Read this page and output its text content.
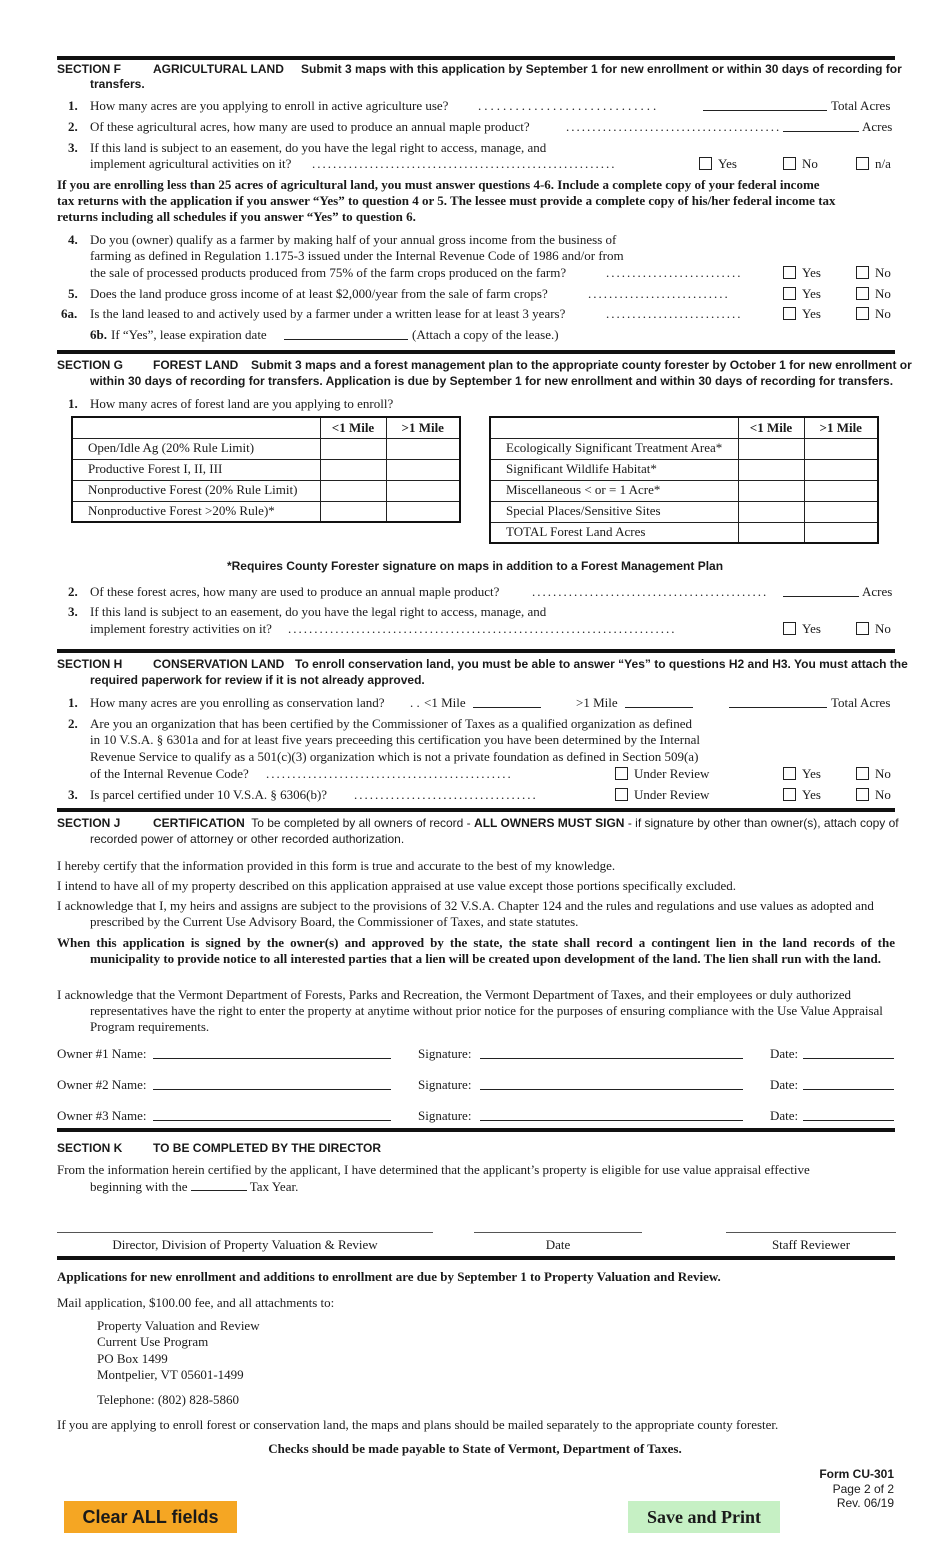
SECTION F	AGRICULTURAL LAND Submit 3 maps with this application by September 1 for new enrollment or within 30 days of recording for
transfers.
1. How many acres are you applying to enroll in active agriculture use? .............................	Total Acres
2. Of these agricultural acres, how many are used to produce an annual maple product?	.........................................	Acres
3. If this land is subject to an easement, do you have the legal right to access, manage, and
implement agricultural activities on it? ..........................................................	Yes	No	n/a
If you are enrolling less than 25 acres of agricultural land, you must answer questions 4-6. Include a complete copy of your federal income
tax returns with the application if you answer “Yes” to question 4 or 5. The lessee must provide a complete copy of his/her federal income tax
returns including all schedules if you answer “Yes” to question 6.
4. Do you (owner) qualify as a farmer by making half of your annual gross income from the business of
farming as defined in Regulation 1.175-3 issued under the Internal Revenue Code of 1986 and/or from
the sale of processed products produced from 75% of the farm crops produced on the farm?	..........................	Yes	No
5. Does the land produce gross income of at least $2,000/year from the sale of farm crops?	...........................	Yes	No
6a. Is the land leased to and actively used by a farmer under a written lease for at least 3 years?	..........................	Yes	No
6b. If “Yes”, lease expiration date	(Attach a copy of the lease.)
SECTION G FOREST LAND Submit 3 maps and a forest management plan to the appropriate county forester by October 1 for new enrollment or
within 30 days of recording for transfers. Application is due by September 1 for new enrollment and within 30 days of recording for transfers.
1. How many acres of forest land are you applying to enroll?
	<1 Mile	>1 Mile
Open/Idle Ag (20% Rule Limit)		
Productive Forest I, II, III		
Nonproductive Forest (20% Rule Limit)		
Nonproductive Forest >20% Rule)*		
	<1 Mile	>1 Mile
Ecologically Significant Treatment Area*		
Significant Wildlife Habitat*		
Miscellaneous < or = 1 Acre*		
Special Places/Sensitive Sites		
TOTAL Forest Land Acres		
*Requires County Forester signature on maps in addition to a Forest Management Plan
2. Of these forest acres, how many are used to produce an annual maple product?	.............................................	Acres
3. If this land is subject to an easement, do you have the legal right to access, manage, and
implement forestry activities on it? ..........................................................................	Yes	No
SECTION H	CONSERVATION LAND To enroll conservation land, you must be able to answer “Yes” to questions H2 and H3. You must attach the
required paperwork for review if it is not already approved.
1. How many acres are you enrolling as conservation land? . . <1 Mile	>1 Mile	Total Acres
2. Are you an organization that has been certified by the Commissioner of Taxes as a qualified organization as defined
in 10 V.S.A. § 6301a and for at least five years preceeding this certification you have been determined by the Internal
Revenue Service to qualify as a 501(c)(3) organization which is not a private foundation as defined in Section 509(a)
of the Internal Revenue Code? ...............................................	Under Review	Yes	No
3. Is parcel certified under 10 V.S.A. § 6306(b)? ...................................	Under Review	Yes	No
SECTION J	CERTIFICATION To be completed by all owners of record - ALL OWNERS MUST SIGN - if signature by other than owner(s), attach copy of
recorded power of attorney or other recorded authorization.
I hereby certify that the information provided in this form is true and accurate to the best of my knowledge.
I intend to have all of my property described on this application appraised at use value except those portions specifically excluded.
I acknowledge that I, my heirs and assigns are subject to the provisions of 32 V.S.A. Chapter 124 and the rules and regulations and use values as adopted and prescribed by the Current Use Advisory Board, the Commissioner of Taxes, and state statutes.
When this application is signed by the owner(s) and approved by the state, the state shall record a contingent lien in the land records of the municipality to provide notice to all interested parties that a lien will be created upon development of the land. The lien shall run with the land.
I acknowledge that the Vermont Department of Forests, Parks and Recreation, the Vermont Department of Taxes, and their employees or duly authorized representatives have the right to enter the property at anytime without prior notice for the purposes of ensuring compliance with the Use Value Appraisal Program requirements.
Owner #1 Name:	Signature:	Date:
Owner #2 Name:	Signature:	Date:
Owner #3 Name:	Signature:	Date:
SECTION K	TO BE COMPLETED BY THE DIRECTOR
From the information herein certified by the applicant, I have determined that the applicant’s property is eligible for use value appraisal effective
beginning with the	Tax Year.
Director, Division of Property Valuation & Review	Date	Staff Reviewer
Applications for new enrollment and additions to enrollment are due by September 1 to Property Valuation and Review.
Mail application, $100.00 fee, and all attachments to:
Property Valuation and Review
Current Use Program
PO Box 1499
Montpelier, VT 05601-1499
Telephone: (802) 828-5860
If you are applying to enroll forest or conservation land, the maps and plans should be mailed separately to the appropriate county forester.
Checks should be made payable to State of Vermont, Department of Taxes.
Form CU-301
Page 2 of 2
Rev. 06/19
Clear ALL fields	Save and Print
